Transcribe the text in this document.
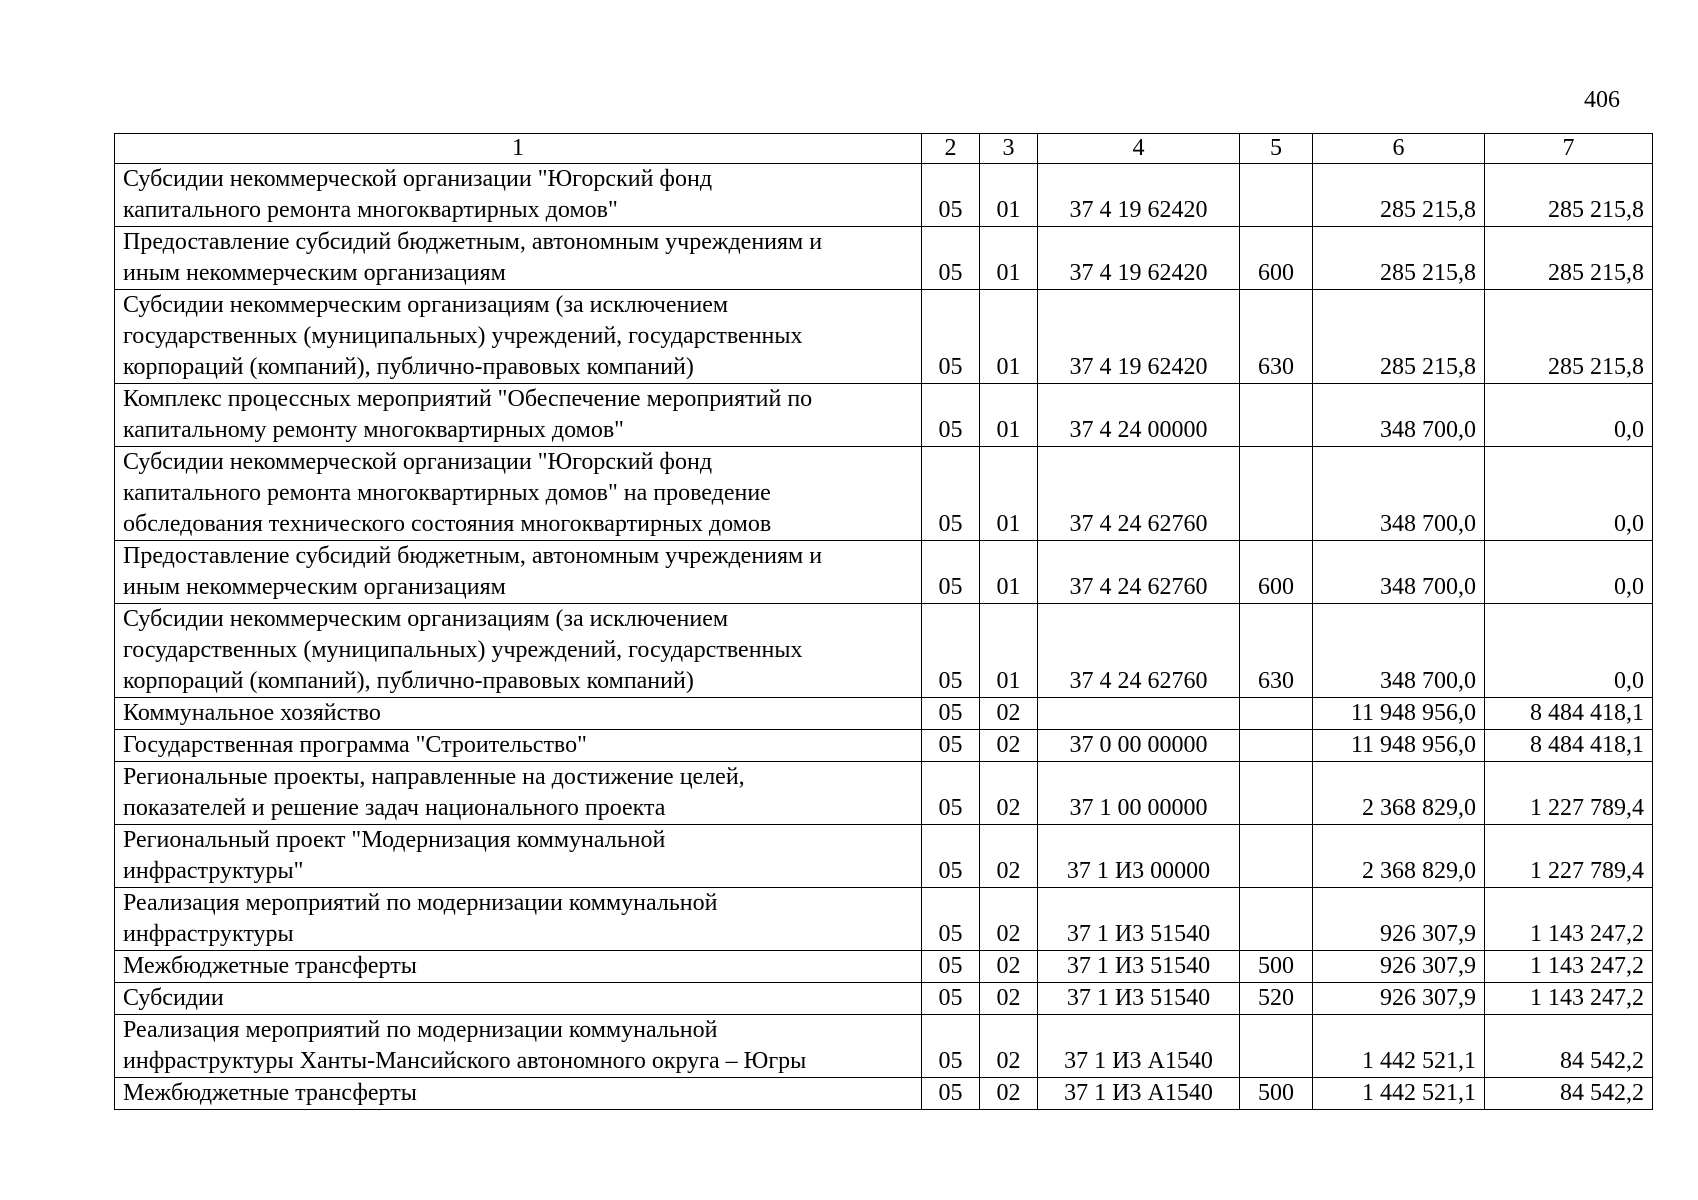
406
1	2	3	4	5	6	7

Субсидии некоммерческой организации "Югорский фонд
капитального ремонта многоквартирных домов"	05	01	37 4 19 62420		285 215,8	285 215,8

Предоставление субсидий бюджетным, автономным учреждениям и
иным некоммерческим организациям	05	01	37 4 19 62420	600	285 215,8	285 215,8

Субсидии некоммерческим организациям (за исключением
государственных (муниципальных) учреждений, государственных
корпораций (компаний), публично-правовых компаний)	05	01	37 4 19 62420	630	285 215,8	285 215,8

Комплекс процессных мероприятий "Обеспечение мероприятий по
капитальному ремонту многоквартирных домов"	05	01	37 4 24 00000		348 700,0	0,0

Субсидии некоммерческой организации "Югорский фонд
капитального ремонта многоквартирных домов" на проведение
обследования технического состояния многоквартирных домов	05	01	37 4 24 62760		348 700,0	0,0

Предоставление субсидий бюджетным, автономным учреждениям и
иным некоммерческим организациям	05	01	37 4 24 62760	600	348 700,0	0,0

Субсидии некоммерческим организациям (за исключением
государственных (муниципальных) учреждений, государственных
корпораций (компаний), публично-правовых компаний)	05	01	37 4 24 62760	630	348 700,0	0,0

Коммунальное хозяйство	05	02			11 948 956,0	8 484 418,1

Государственная программа "Строительство"	05	02	37 0 00 00000		11 948 956,0	8 484 418,1

Региональные проекты, направленные на достижение целей,
показателей и решение задач национального проекта	05	02	37 1 00 00000		2 368 829,0	1 227 789,4

Региональный проект "Модернизация коммунальной
инфраструктуры"	05	02	37 1 И3 00000		2 368 829,0	1 227 789,4

Реализация мероприятий по модернизации коммунальной
инфраструктуры	05	02	37 1 И3 51540		926 307,9	1 143 247,2

Межбюджетные трансферты	05	02	37 1 И3 51540	500	926 307,9	1 143 247,2

Субсидии	05	02	37 1 И3 51540	520	926 307,9	1 143 247,2

Реализация мероприятий по модернизации коммунальной
инфраструктуры Ханты-Мансийского автономного округа – Югры	05	02	37 1 И3 А1540		1 442 521,1	84 542,2

Межбюджетные трансферты	05	02	37 1 И3 А1540	500	1 442 521,1	84 542,2
